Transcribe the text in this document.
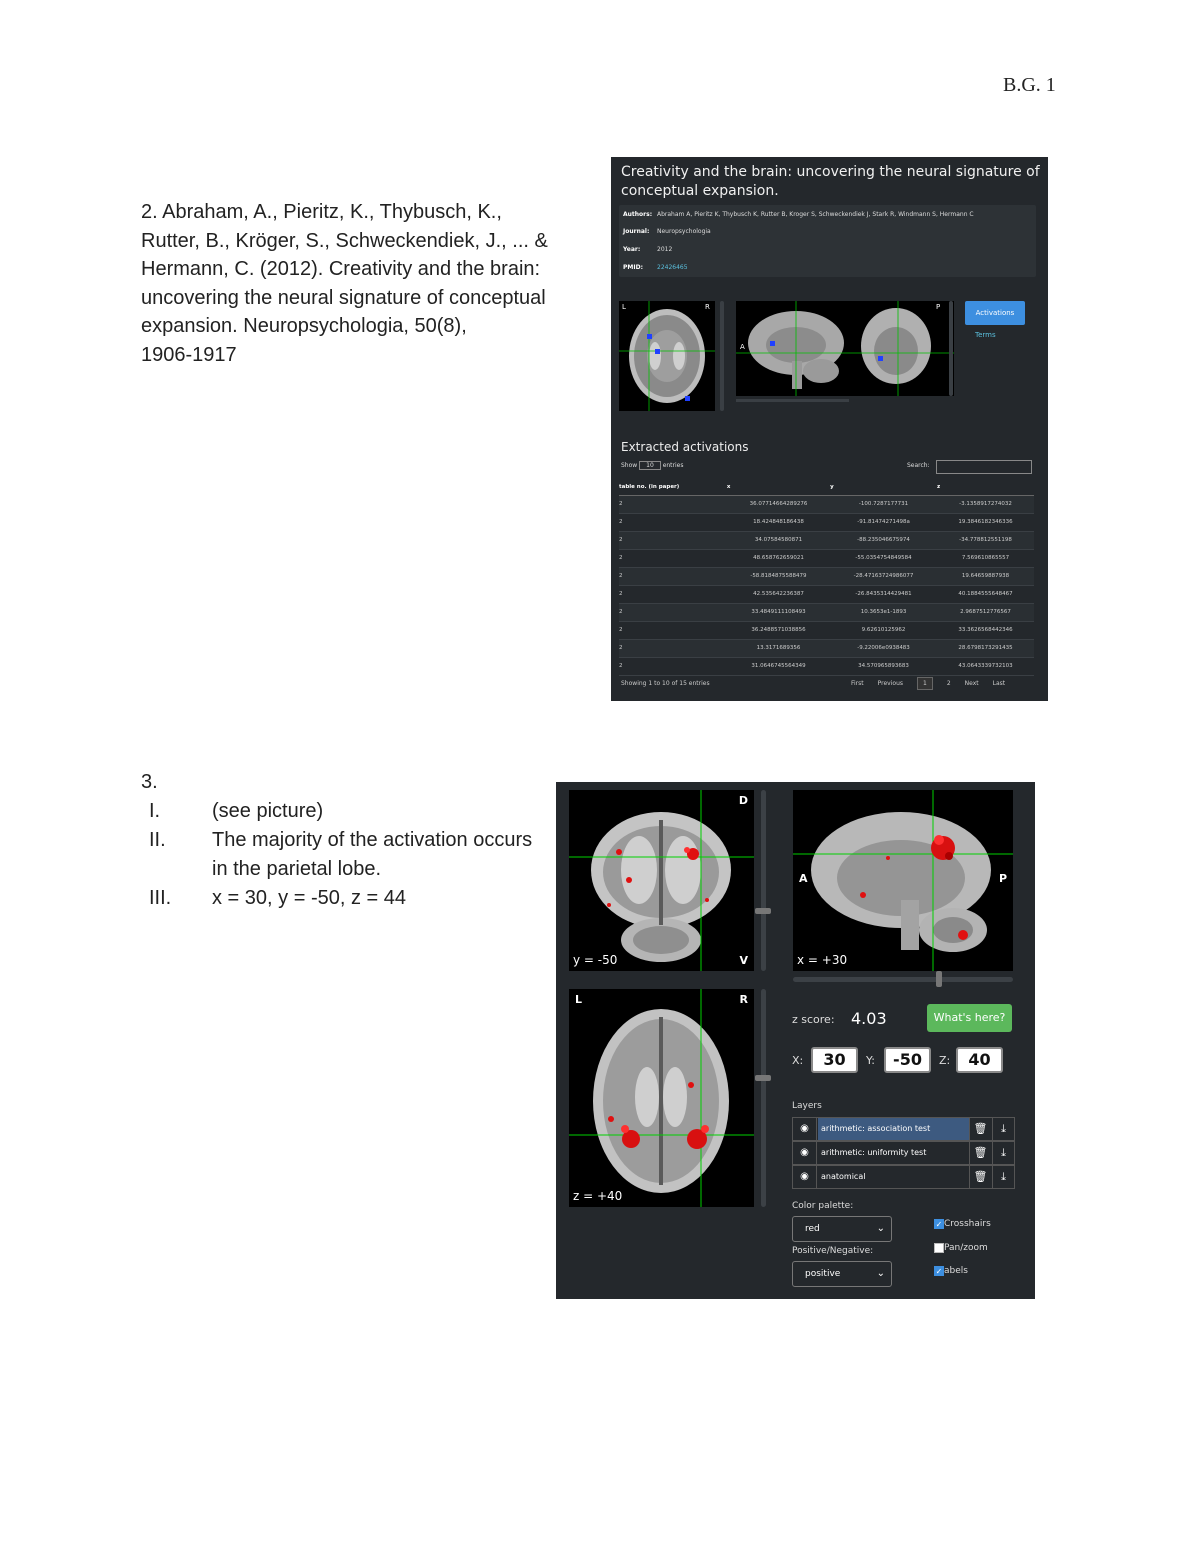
B.G. 1
2. Abraham, A., Pieritz, K., Thybusch, K.,
Rutter, B., Kröger, S., Schweckendiek, J., ... &
Hermann, C. (2012). Creativity and the brain:
uncovering the neural signature of conceptual
expansion. Neuropsychologia, 50(8),
1906-1917
3.
I.	(see picture)
II.	The majority of the activation occurs in the parietal lobe.
III.	x = 30, y = -50, z = 44
Creativity and the brain: uncovering the neural signature of conceptual expansion.
Authors: Abraham A, Pieritz K, Thybusch K, Rutter B, Kroger S, Schweckendiek J, Stark R, Windmann S, Hermann C
Journal: Neuropsychologia
Year:	2012
PMID: 22426465
L	R
A
P
Activations
Terms
Extracted activations
Show 10 entries	Search:
table no. (in paper)	x	y	z
2	36.07714664289276	-100.7287177731	-3.1358917274032
2	18.424848186438	-91.81474271498a	19.3846182346336
2	34.07584580871	-88.235046675974	-34.778812551198
2	48.658762659021	-55.0354754849584	7.569610865557
2	-58.8184875588479	-28.47163724986077	19.64659887938
2	42.535642236387	-26.8435314429481	40.1884555648467
2	33.4849111108493	10.3653e1-1893	2.9687512776567
2	36.2488571038856	9.62610125962	33.3626568442346
2	13.3171689356	-9.22006e0938483	28.6798173291435
2	31.0646745564349	34.570965893683	43.0643339732103
Showing 1 to 10 of 15 entries	First Previous	1	2 Next Last
D
V
y = -50
A	P
x = +30
L	R
z = +40
z score: 4.03	What's here?
X:	30	Y:	-50	Z:	40
Layers
◉	arithmetic: association test	🗑	⤓
◉	arithmetic: uniformity test	🗑	⤓
◉	anatomical	🗑	⤓
Color palette:
red	⌄
Positive/Negative:
positive	⌄
✓ Crosshairs
Pan/zoom
✓ abels
